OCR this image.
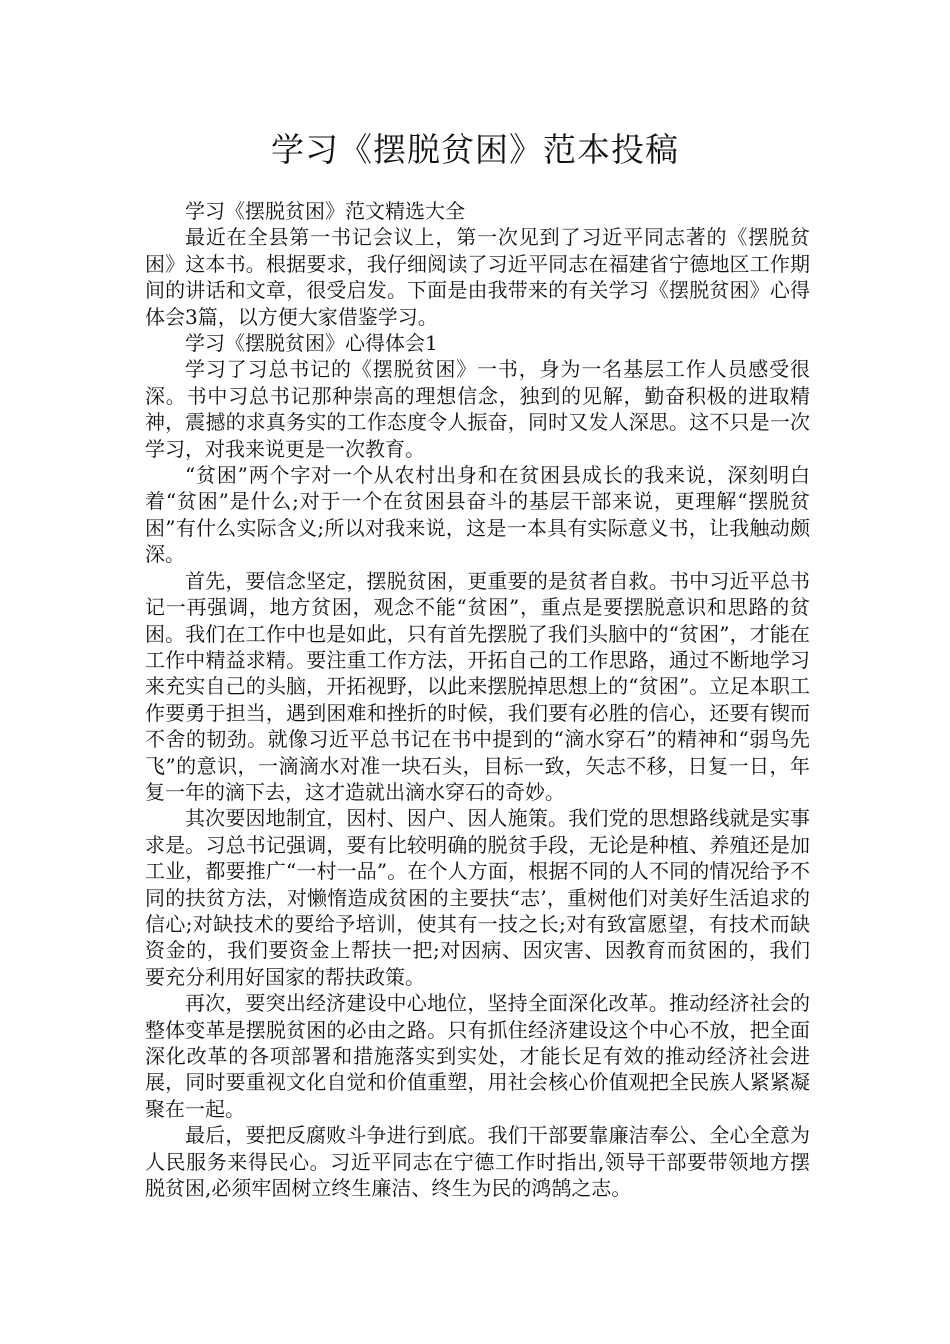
学习《摆脱贫困》范本投稿

学习《摆脱贫困》范文精选大全

最近在全县第一书记会议上，第一次见到了习近平同志著的《摆脱贫困》这本书。根据要求，我仔细阅读了习近平同志在福建省宁德地区工作期间的讲话和文章，很受启发。下面是由我带来的有关学习《摆脱贫困》心得体会3篇，以方便大家借鉴学习。

学习《摆脱贫困》心得体会1

学习了习总书记的《摆脱贫困》一书，身为一名基层工作人员感受很深。书中习总书记那种崇高的理想信念，独到的见解，勤奋积极的进取精神，震撼的求真务实的工作态度令人振奋，同时又发人深思。这不只是一次学习，对我来说更是一次教育。

“贫困”两个字对一个从农村出身和在贫困县成长的我来说，深刻明白着“贫困”是什么;对于一个在贫困县奋斗的基层干部来说，更理解“摆脱贫困”有什么实际含义;所以对我来说，这是一本具有实际意义书，让我触动颇深。

首先，要信念坚定，摆脱贫困，更重要的是贫者自救。书中习近平总书记一再强调，地方贫困，观念不能“贫困”，重点是要摆脱意识和思路的贫困。我们在工作中也是如此，只有首先摆脱了我们头脑中的“贫困”，才能在工作中精益求精。要注重工作方法，开拓自己的工作思路，通过不断地学习来充实自己的头脑，开拓视野，以此来摆脱掉思想上的“贫困”。立足本职工作要勇于担当，遇到困难和挫折的时候，我们要有必胜的信心，还要有锲而不舍的韧劲。就像习近平总书记在书中提到的“滴水穿石”的精神和“弱鸟先飞”的意识，一滴滴水对准一块石头，目标一致，矢志不移，日复一日，年复一年的滴下去，这才造就出滴水穿石的奇妙。

其次要因地制宜，因村、因户、因人施策。我们党的思想路线就是实事求是。习总书记强调，要有比较明确的脱贫手段，无论是种植、养殖还是加工业，都要推广“一村一品”。在个人方面，根据不同的人不同的情况给予不同的扶贫方法，对懒惰造成贫困的主要扶“志’，重树他们对美好生活追求的信心;对缺技术的要给予培训，使其有一技之长;对有致富愿望，有技术而缺资金的，我们要资金上帮扶一把;对因病、因灾害、因教育而贫困的，我们要充分利用好国家的帮扶政策。

再次，要突出经济建设中心地位，坚持全面深化改革。推动经济社会的整体变革是摆脱贫困的必由之路。只有抓住经济建设这个中心不放，把全面深化改革的各项部署和措施落实到实处，才能长足有效的推动经济社会进展，同时要重视文化自觉和价值重塑，用社会核心价值观把全民族人紧紧凝聚在一起。

最后，要把反腐败斗争进行到底。我们干部要靠廉洁奉公、全心全意为人民服务来得民心。习近平同志在宁德工作时指出,领导干部要带领地方摆脱贫困,必须牢固树立终生廉洁、终生为民的鸿鹄之志。
